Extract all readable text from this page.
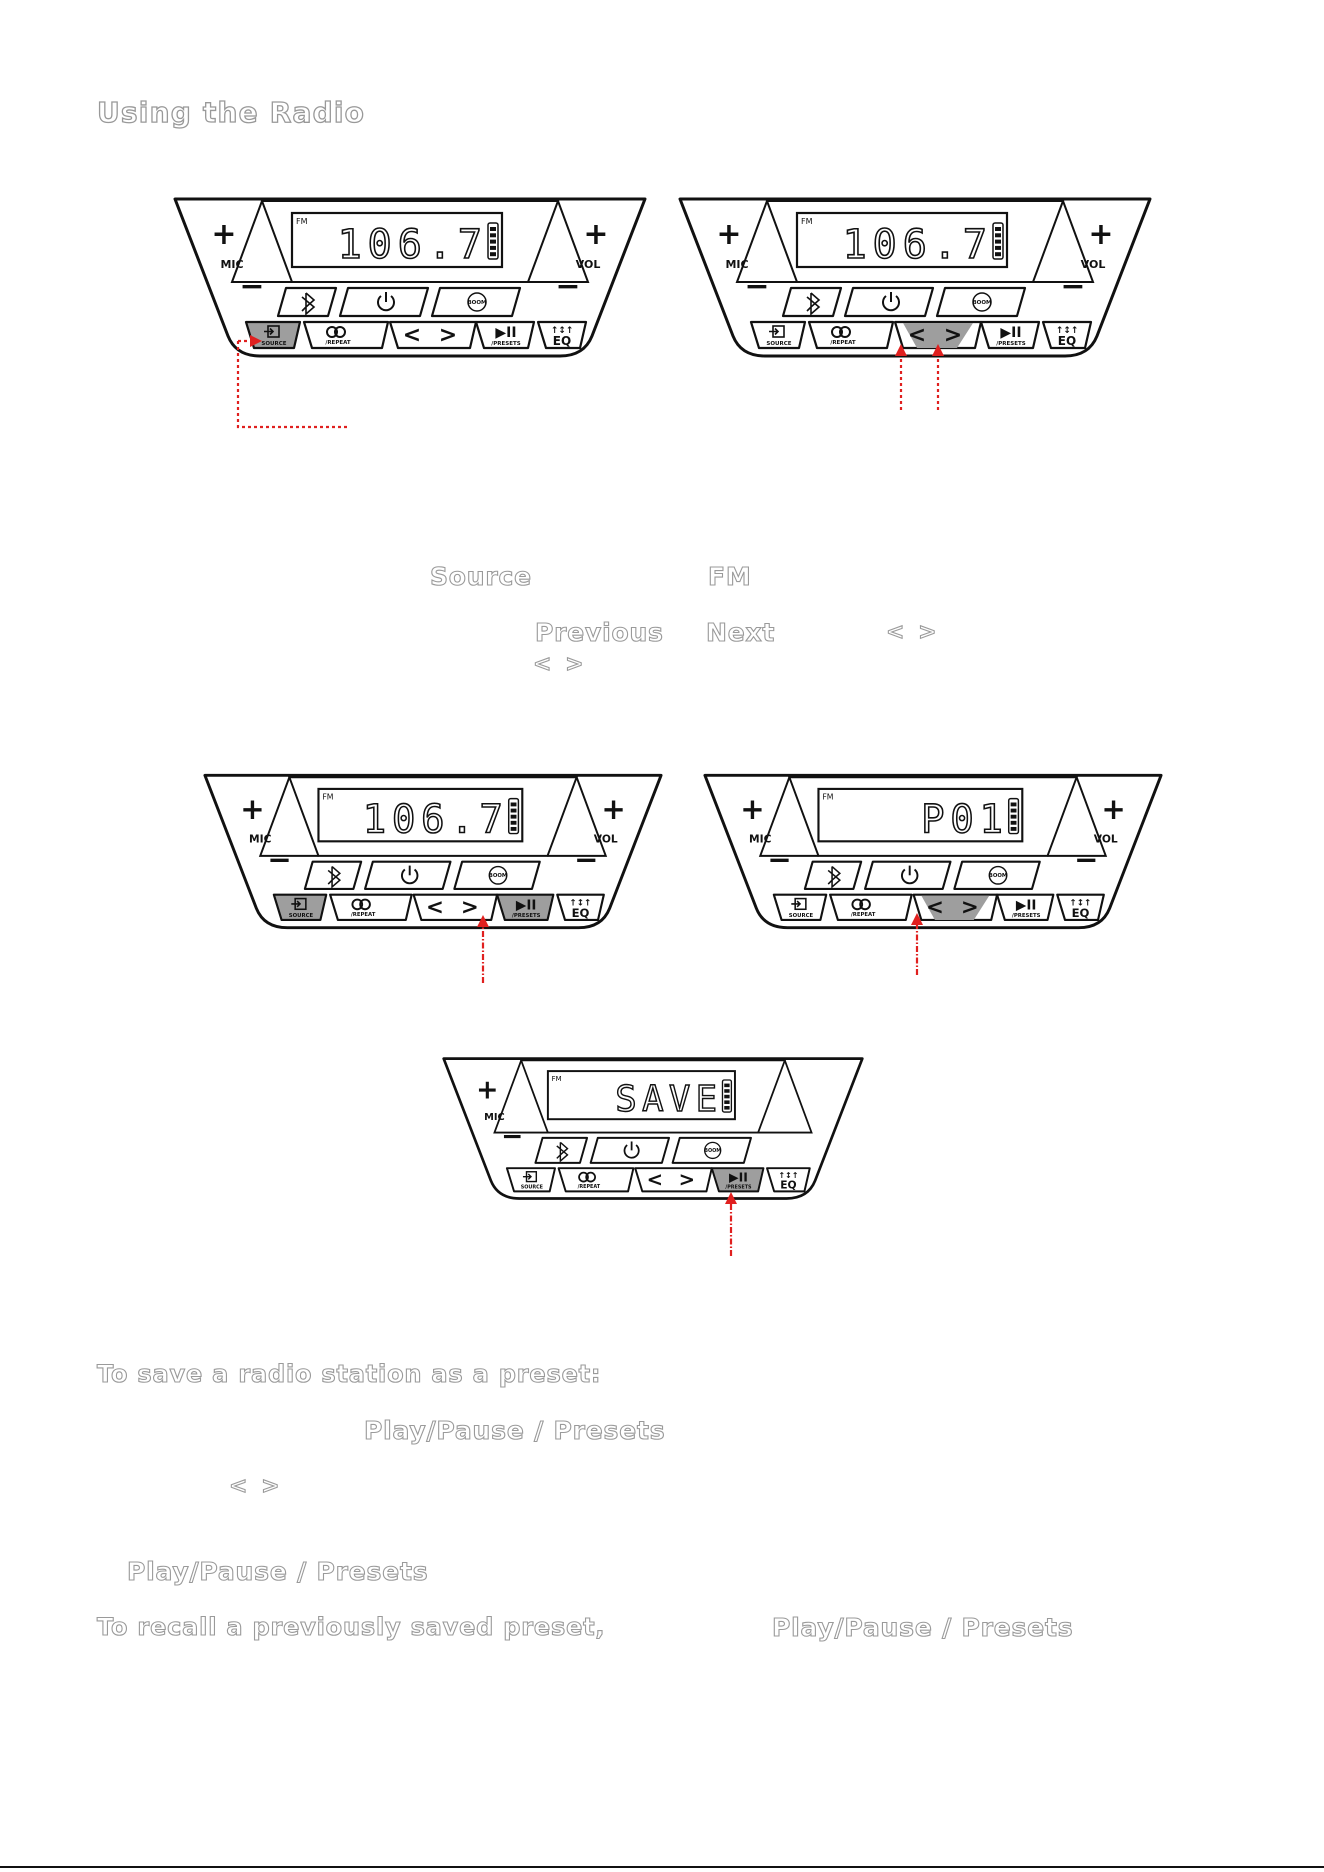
Using the Radio
FM
106.7
+
MIC
−
+
VOL
−
BOOM
SOURCE	/REPEAT < >	▶II
/PRESETS
↑↕↑
EQ
FM
106.7
+
MIC
−
+
VOL
−
BOOM
SOURCE	/REPEAT < >	▶II
/PRESETS
↑↕↑
EQ
FM
106.7
+
MIC
−
+
VOL
−
BOOM
SOURCE	/REPEAT < >	▶II
/PRESETS
↑↕↑
EQ
FM
P01
+
MIC
−
+
VOL
−
BOOM
SOURCE	/REPEAT < >	▶II
/PRESETS
↑↕↑
EQ
FM
SAVE
+
MIC
−	BOOM
SOURCE	/REPEAT < > ▶II
/PRESETS
↑↕↑
EQ
Source	FM
Previous Next	< >
< >
To save a radio station as a preset:
Play/Pause / Presets
< >
Play/Pause / Presets
To recall a previously saved preset,	Play/Pause / Presets
